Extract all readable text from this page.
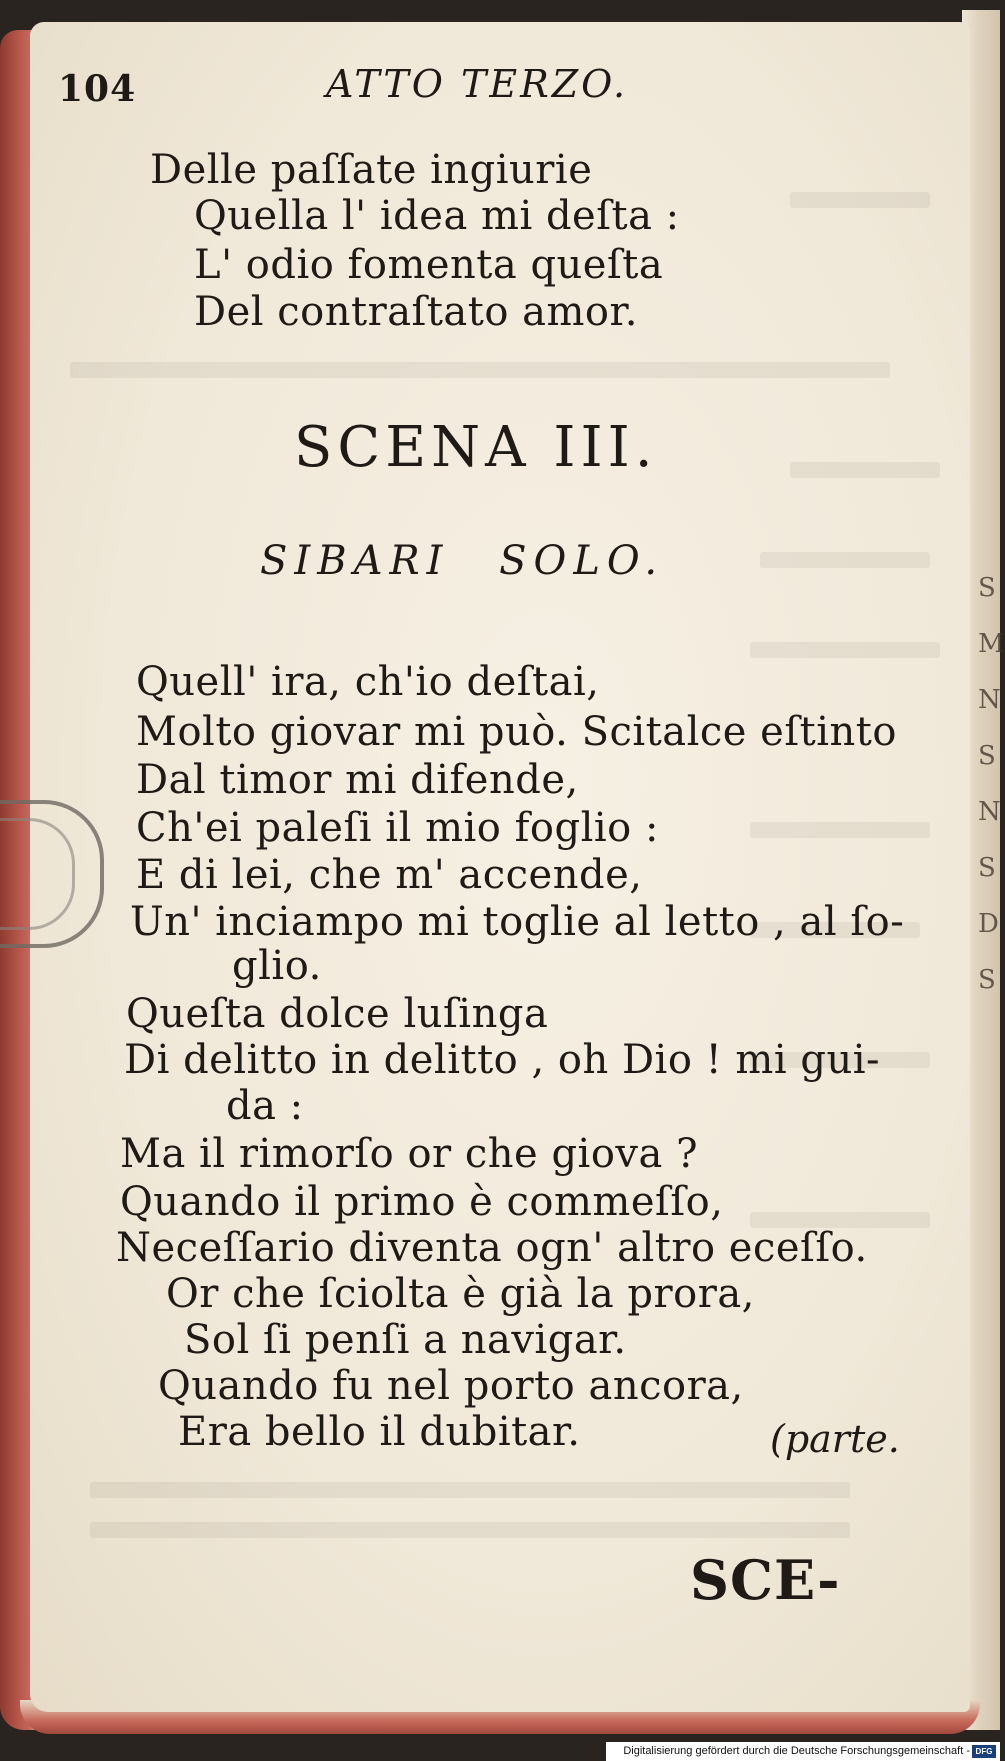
S
M
N
S
N
S
D
S
104	ATTO TERZO.
Delle paſſate ingiurie
Quella l' idea mi deſta :
L' odio fomenta queſta
Del contraſtato amor.
SCENA III.
SIBARI SOLO.
Quell' ira, ch'io deſtai,
Molto giovar mi può. Scitalce eſtinto
Dal timor mi difende,
Ch'ei paleſi il mio foglio :
E di lei, che m' accende,
Un' inciampo mi toglie al letto , al ſo-
glio.
Queſta dolce luſinga
Di delitto in delitto , oh Dio ! mi gui-
da :
Ma il rimorſo or che giova ?
Quando il primo è commeſſo,
Neceſſario diventa ogn' altro eceſſo.
Or che ſciolta è già la prora,
Sol ſi penſi a navigar.
Quando fu nel porto ancora,
Era bello il dubitar.	(parte.
SCE-
Digitalisierung gefördert durch die Deutsche Forschungsgemeinschaft - DFG
